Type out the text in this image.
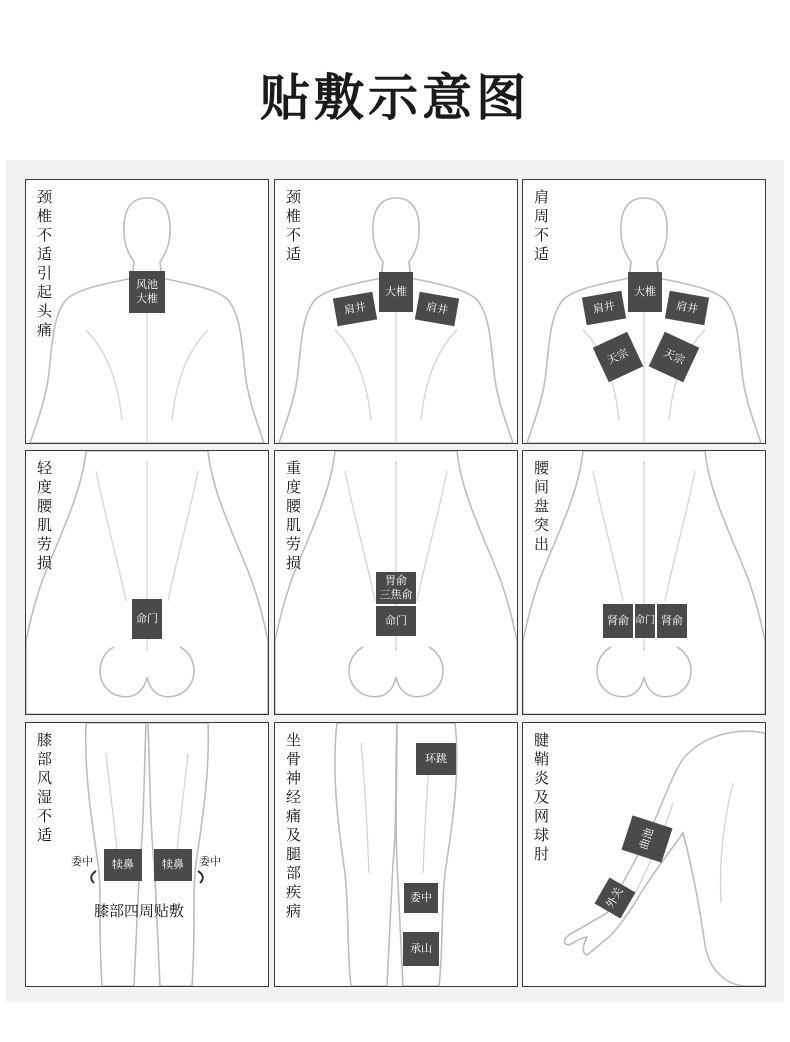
贴敷示意图
颈椎不适引起头痛
风池
大椎
颈椎不适
大椎
肩井	肩井
肩周不适
大椎
肩井	肩井
天宗	天宗
轻度腰肌劳损
命门
重度腰肌劳损
胃俞
三焦俞
命门
腰间盘突出
肾俞 命门 肾俞
膝部风湿不适
犊鼻	犊鼻
委中	委中
膝部四周贴敷
坐骨神经痛及腿部疾病
环跳
委中
承山
腱鞘炎及网球肘
曲池
外关
